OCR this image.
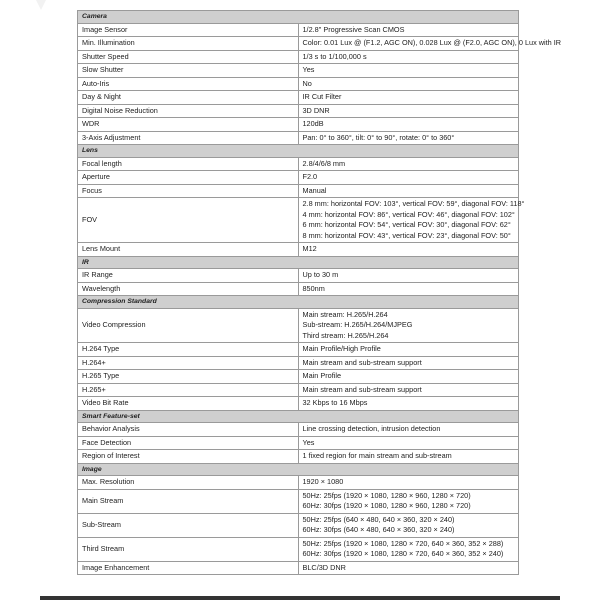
Camera	
Image Sensor	1/2.8" Progressive Scan CMOS

Min. Illumination	Color: 0.01 Lux @ (F1.2, AGC ON), 0.028 Lux @ (F2.0, AGC ON), 0 Lux with IR

Shutter Speed	1/3 s to 1/100,000 s

Slow Shutter	Yes

Auto-Iris	No

Day & Night	IR Cut Filter

Digital Noise Reduction	3D DNR

WDR	120dB

3-Axis Adjustment	Pan: 0° to 360°, tilt: 0° to 90°, rotate: 0° to 360°

Lens	
Focal length	2.8/4/6/8 mm

Aperture	F2.0

Focus	Manual

FOV	2.8 mm: horizontal FOV: 103°, vertical FOV: 59°, diagonal FOV: 118°
4 mm: horizontal FOV: 86°, vertical FOV: 46°, diagonal FOV: 102°
6 mm: horizontal FOV: 54°, vertical FOV: 30°, diagonal FOV: 62°
8 mm: horizontal FOV: 43°, vertical FOV: 23°, diagonal FOV: 50°

Lens Mount	M12

IR	
IR Range	Up to 30 m

Wavelength	850nm

Compression Standard	
Video Compression	Main stream: H.265/H.264
Sub-stream: H.265/H.264/MJPEG
Third stream: H.265/H.264

H.264 Type	Main Profile/High Profile

H.264+	Main stream and sub-stream support

H.265 Type	Main Profile

H.265+	Main stream and sub-stream support

Video Bit Rate	32 Kbps to 16 Mbps

Smart Feature-set	
Behavior Analysis	Line crossing detection, intrusion detection

Face Detection	Yes

Region of Interest	1 fixed region for main stream and sub-stream

Image	
Max. Resolution	1920 × 1080

Main Stream	50Hz: 25fps (1920 × 1080, 1280 × 960, 1280 × 720)
60Hz: 30fps (1920 × 1080, 1280 × 960, 1280 × 720)

Sub-Stream	50Hz: 25fps (640 × 480, 640 × 360, 320 × 240)
60Hz: 30fps (640 × 480, 640 × 360, 320 × 240)

Third Stream	50Hz: 25fps (1920 × 1080, 1280 × 720, 640 × 360, 352 × 288)
60Hz: 30fps (1920 × 1080, 1280 × 720, 640 × 360, 352 × 240)

Image Enhancement	BLC/3D DNR
